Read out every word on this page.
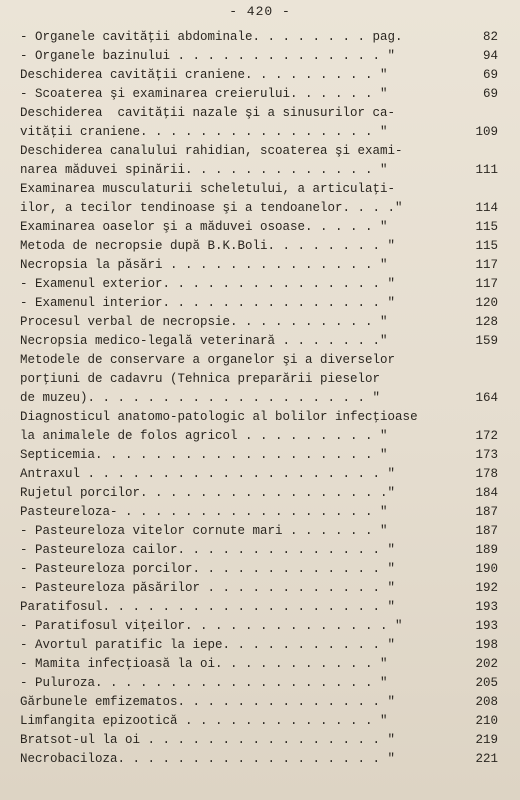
- 420 -
- Organele cavităţii abdominale. . . . . . . . pag.	82
- Organele bazinului . . . . . . . . . . . . . . "	94
Deschiderea cavităţii craniene. . . . . . . . . "	69
- Scoaterea şi examinarea creierului. . . . . . "	69
Deschiderea  cavităţii nazale şi a sinusurilor ca-
vităţii craniene. . . . . . . . . . . . . . . . "	109
Deschiderea canalului rahidian, scoaterea şi exami-
narea măduvei spinării. . . . . . . . . . . . . "	111
Examinarea musculaturii scheletului, a articulaţi-
ilor, a tecilor tendinoase şi a tendoanelor. . . ."	114
Examinarea oaselor şi a măduvei osoase. . . . . "	115
Metoda de necropsie după B.K.Boli. . . . . . . . "	115
Necropsia la păsări . . . . . . . . . . . . . . "	117
- Examenul exterior. . . . . . . . . . . . . . . "	117
- Examenul interior. . . . . . . . . . . . . . . "	120
Procesul verbal de necropsie. . . . . . . . . . "	128
Necropsia medico-legală veterinară . . . . . . ."	159
Metodele de conservare a organelor şi a diverselor
porţiuni de cadavru (Tehnica preparării pieselor
de muzeu). . . . . . . . . . . . . . . . . . . "	164
Diagnosticul anatomo-patologic al bolilor infecţioase
la animalele de folos agricol . . . . . . . . . "	172
Septicemia. . . . . . . . . . . . . . . . . . . "	173
Antraxul . . . . . . . . . . . . . . . . . . . . "	178
Rujetul porcilor. . . . . . . . . . . . . . . . ."	184
Pasteureloza- . . . . . . . . . . . . . . . . . "	187
- Pasteureloza vitelor cornute mari . . . . . . "	187
- Pasteureloza cailor. . . . . . . . . . . . . . "	189
- Pasteureloza porcilor. . . . . . . . . . . . . "	190
- Pasteureloza păsărilor . . . . . . . . . . . . "	192
Paratifosul. . . . . . . . . . . . . . . . . . . "	193
- Paratifosul viţeilor. . . . . . . . . . . . . . "	193
- Avortul paratific la iepe. . . . . . . . . . . "	198
- Mamita infecţioasă la oi. . . . . . . . . . . "	202
- Puluroza. . . . . . . . . . . . . . . . . . . "	205
Gărbunele emfizematos. . . . . . . . . . . . . . "	208
Limfangita epizootică . . . . . . . . . . . . . "	210
Bratsot-ul la oi . . . . . . . . . . . . . . . . "	219
Necrobaciloza. . . . . . . . . . . . . . . . . . "	221
